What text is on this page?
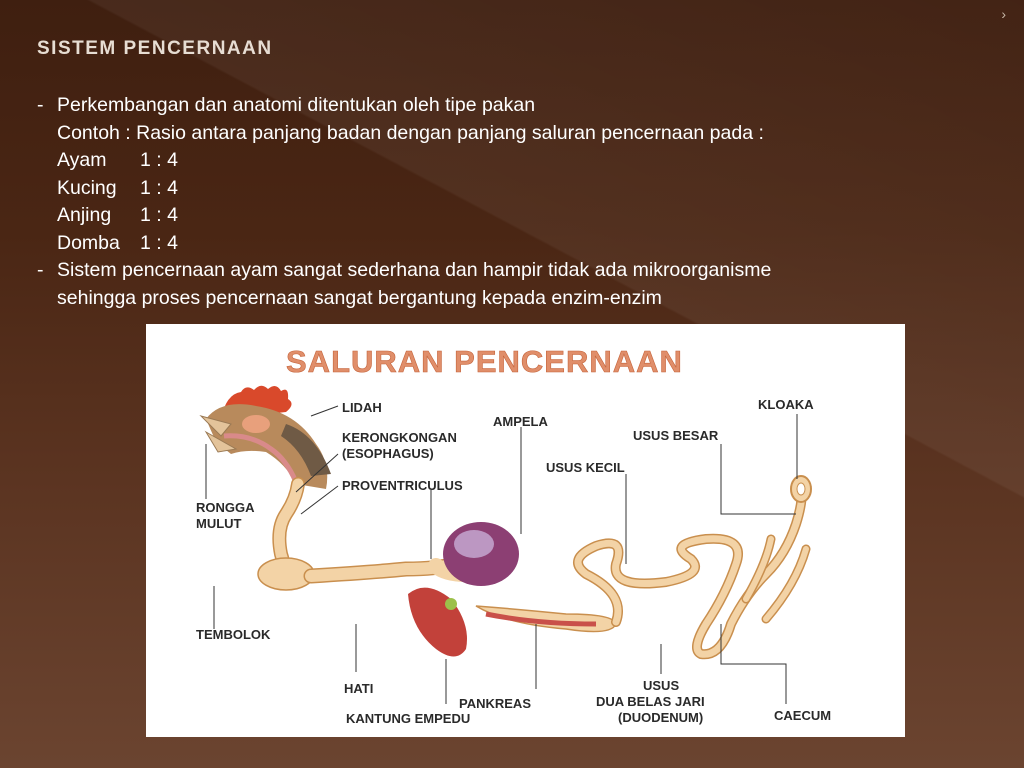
›
SISTEM PENCERNAAN
- Perkembangan dan anatomi ditentukan oleh tipe pakan
Contoh : Rasio antara panjang badan dengan panjang saluran pencernaan pada :
Ayam	1 : 4
Kucing	1 : 4
Anjing	1 : 4
Domba	1 : 4
- Sistem pencernaan ayam sangat sederhana dan hampir tidak ada mikroorganisme
sehingga proses pencernaan sangat bergantung kepada enzim-enzim
SALURAN PENCERNAAN
LIDAH
KERONGKONGAN
(ESOPHAGUS)
PROVENTRICULUS
RONGGA
MULUT
TEMBOLOK
AMPELA
USUS KECIL
USUS BESAR
KLOAKA
HATI
KANTUNG EMPEDU
PANKREAS
USUS
DUA BELAS JARI
(DUODENUM)	CAECUM
